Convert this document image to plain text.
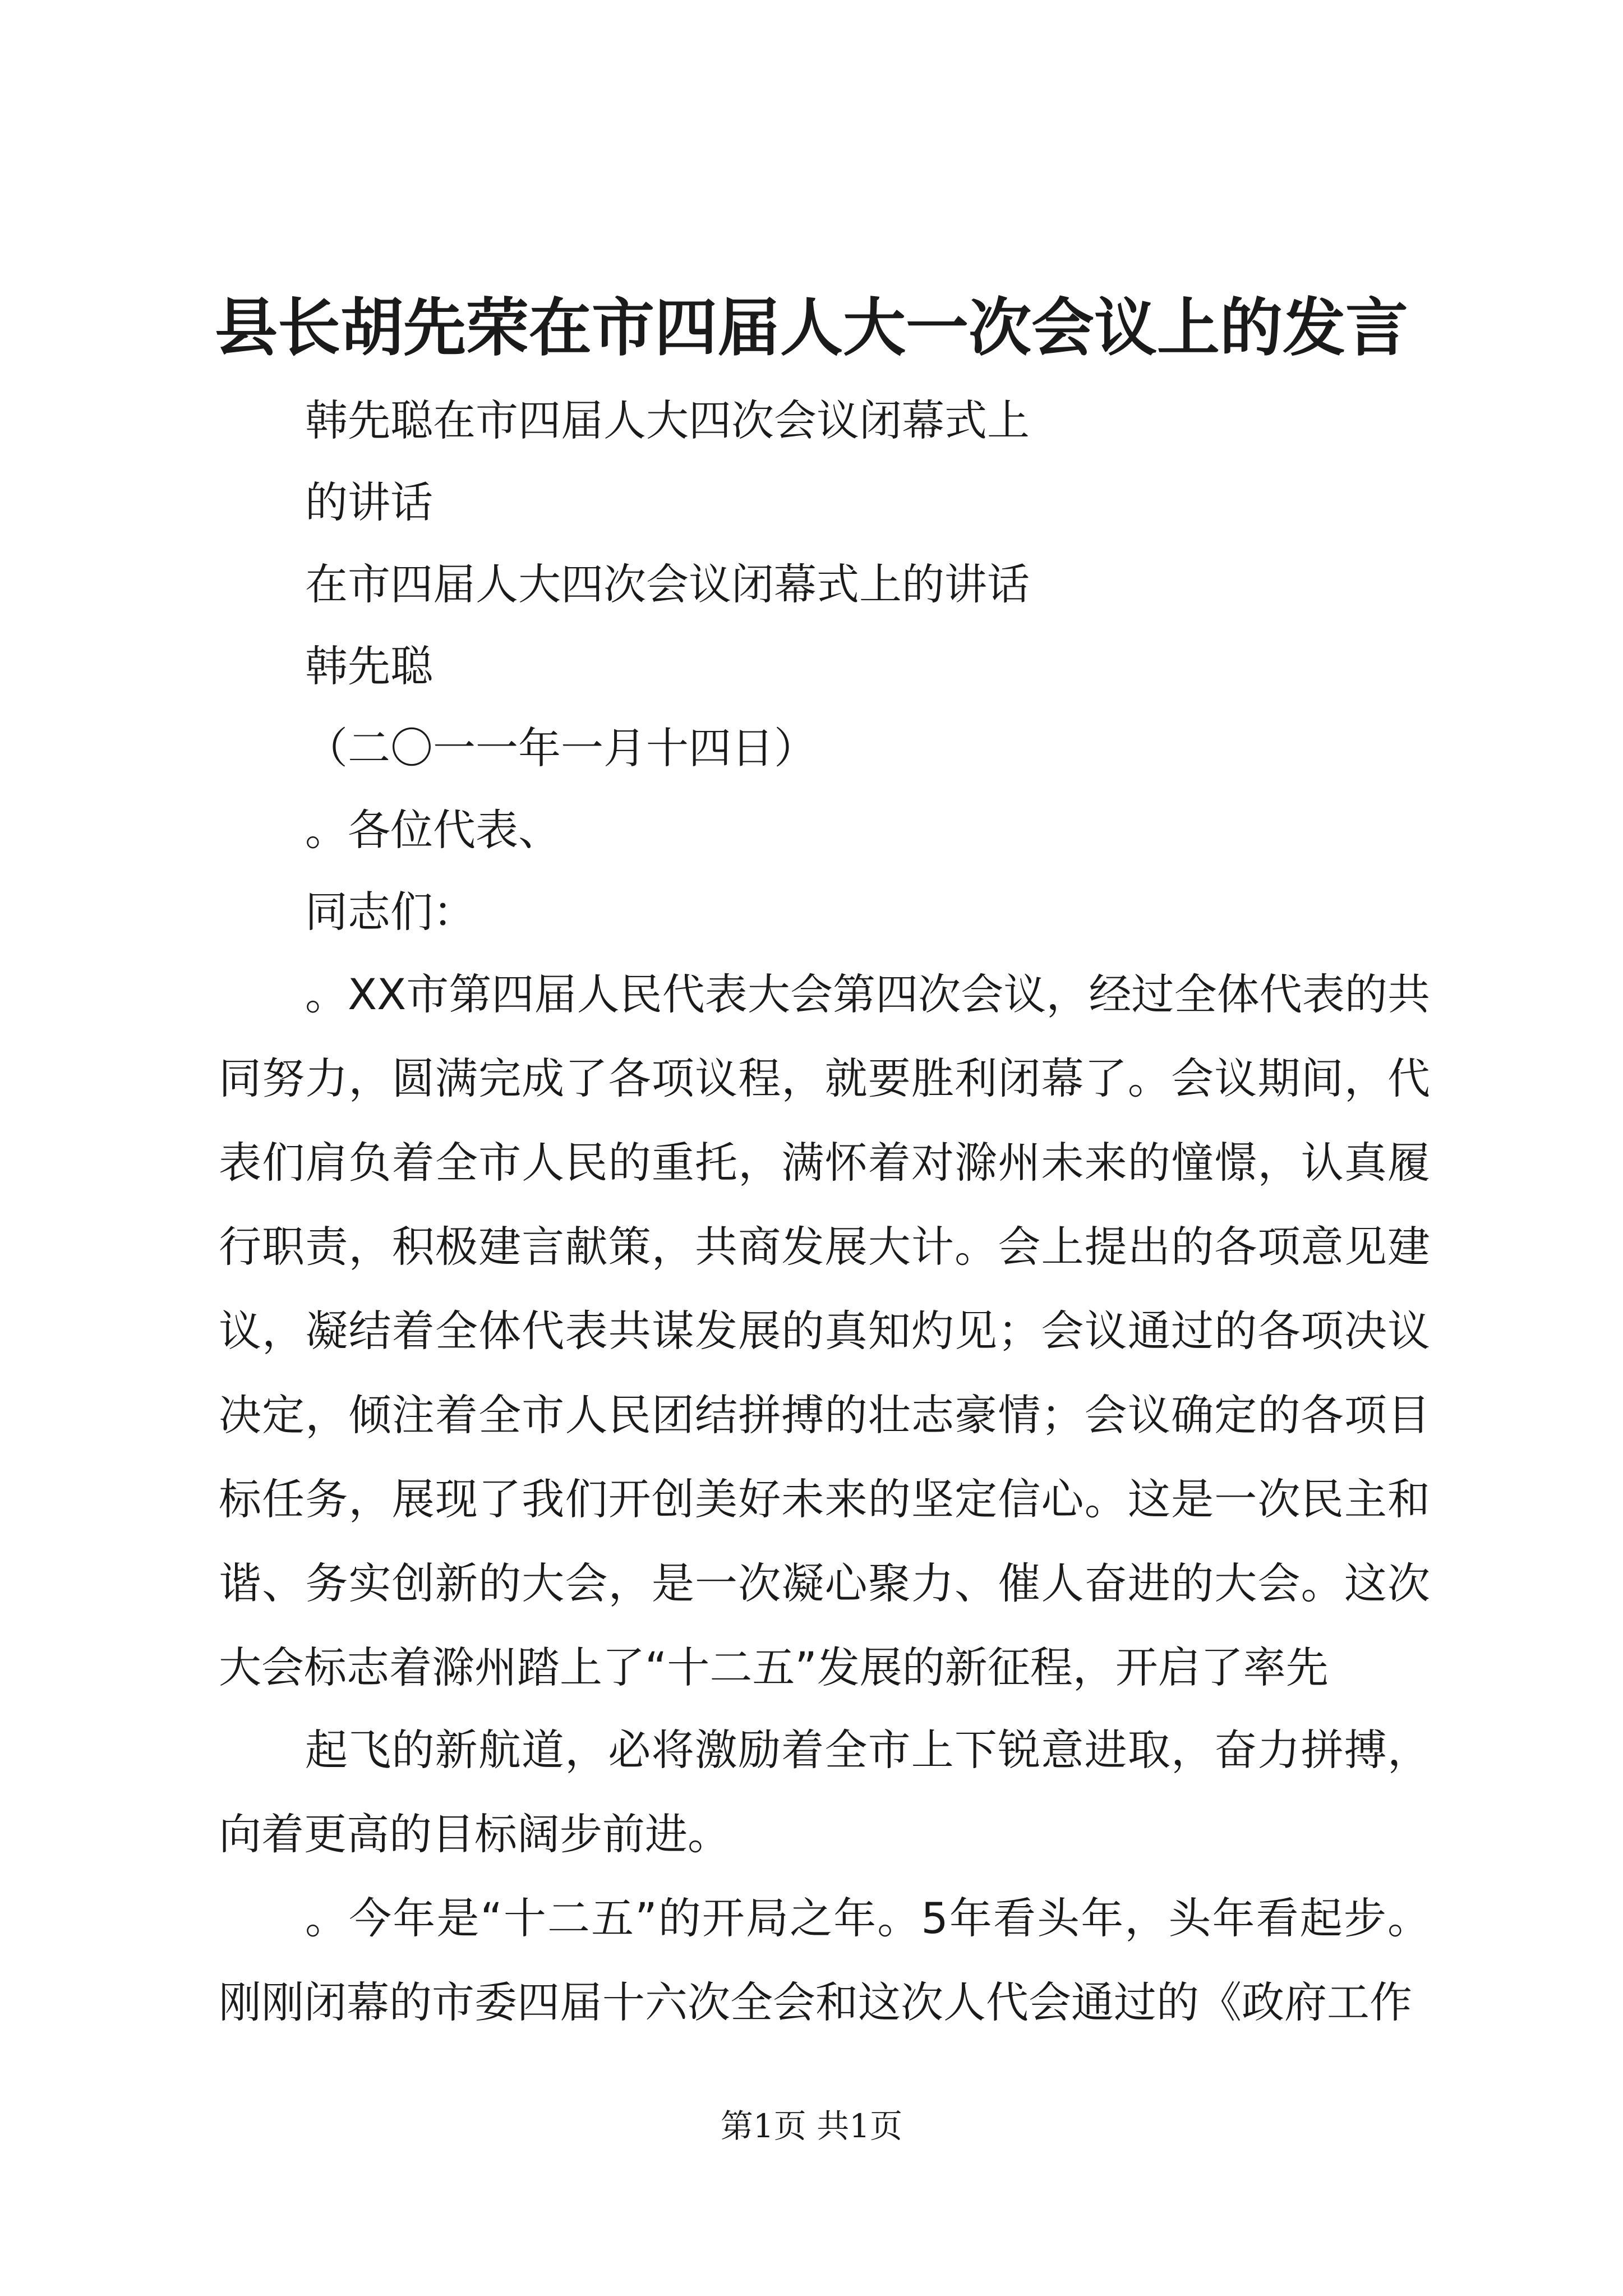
县长胡先荣在市四届人大一次会议上的发言
韩先聪在市四届人大四次会议闭幕式上
的讲话
在市四届人大四次会议闭幕式上的讲话
韩先聪
（二〇一一年一月十四日）
。各位代表、
同志们：
。XX市第四届人民代表大会第四次会议，经过全体代表的共同努力，圆满完成了各项议程，就要胜利闭幕了。会议期间，代表们肩负着全市人民的重托，满怀着对滁州未来的憧憬，认真履行职责，积极建言献策，共商发展大计。会上提出的各项意见建议，凝结着全体代表共谋发展的真知灼见；会议通过的各项决议决定，倾注着全市人民团结拼搏的壮志豪情；会议确定的各项目标任务，展现了我们开创美好未来的坚定信心。这是一次民主和谐、务实创新的大会，是一次凝心聚力、催人奋进的大会。这次大会标志着滁州踏上了“十二五”发展的新征程，开启了率先
起飞的新航道，必将激励着全市上下锐意进取，奋力拼搏，向着更高的目标阔步前进。
。今年是“十二五”的开局之年。5年看头年，头年看起步。刚刚闭幕的市委四届十六次全会和这次人代会通过的《政府工作
第1页 共1页
